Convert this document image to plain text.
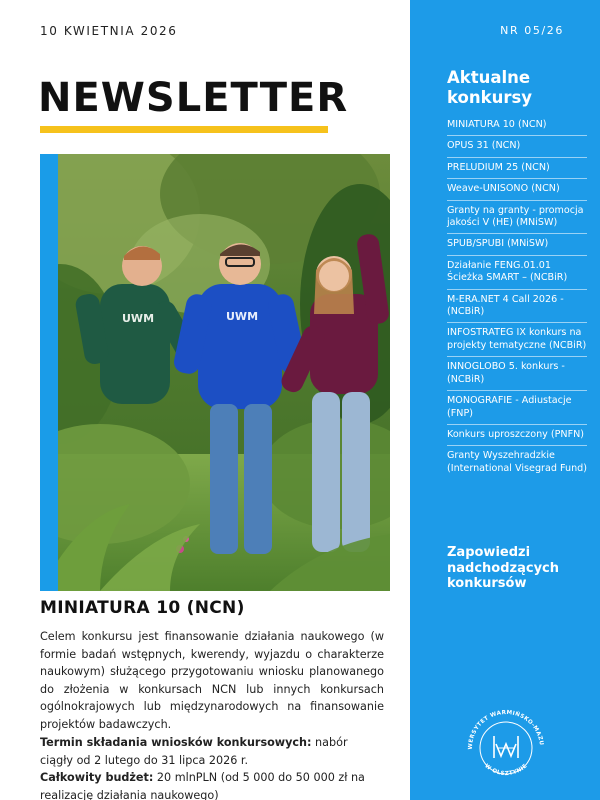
10 KWIETNIA 2026
NEWSLETTER
UWM	UWM
MINIATURA 10 (NCN)
Celem konkursu jest finansowanie działania naukowego (w formie badań wstępnych, kwerendy, wyjazdu o charakterze naukowym) służącego przygotowaniu wniosku planowanego do złożenia w konkursach NCN lub innych konkursach ogólnokrajowych lub międzynarodowych na finansowanie projektów badawczych.
Termin składania wniosków konkursowych: nabór ciągły od 2 lutego do 31 lipca 2026 r.
Całkowity budżet: 20 mlnPLN (od 5 000 do 50 000 zł na realizację działania naukowego)
NR 05/26
Aktualne konkursy
MINIATURA 10 (NCN)
OPUS 31 (NCN)
PRELUDIUM 25 (NCN)
Weave-UNISONO (NCN)
Granty na granty - promocja jakości V (HE) (MNiSW)
SPUB/SPUBI (MNiSW)
Działanie FENG.01.01 Ścieżka SMART – (NCBiR)
M-ERA.NET 4 Call 2026 - (NCBiR)
INFOSTRATEG IX konkurs na projekty tematyczne (NCBiR)
INNOGLOBO 5. konkurs - (NCBiR)
MONOGRAFIE - Adiustacje (FNP)
Konkurs uproszczony (PNFN)
Granty Wyszehradzkie (International Visegrad Fund)
Zapowiedzi nadchodzących konkursów
WERSYTET WARMIŃSKO-MAZU
W OLSZTYNIE
